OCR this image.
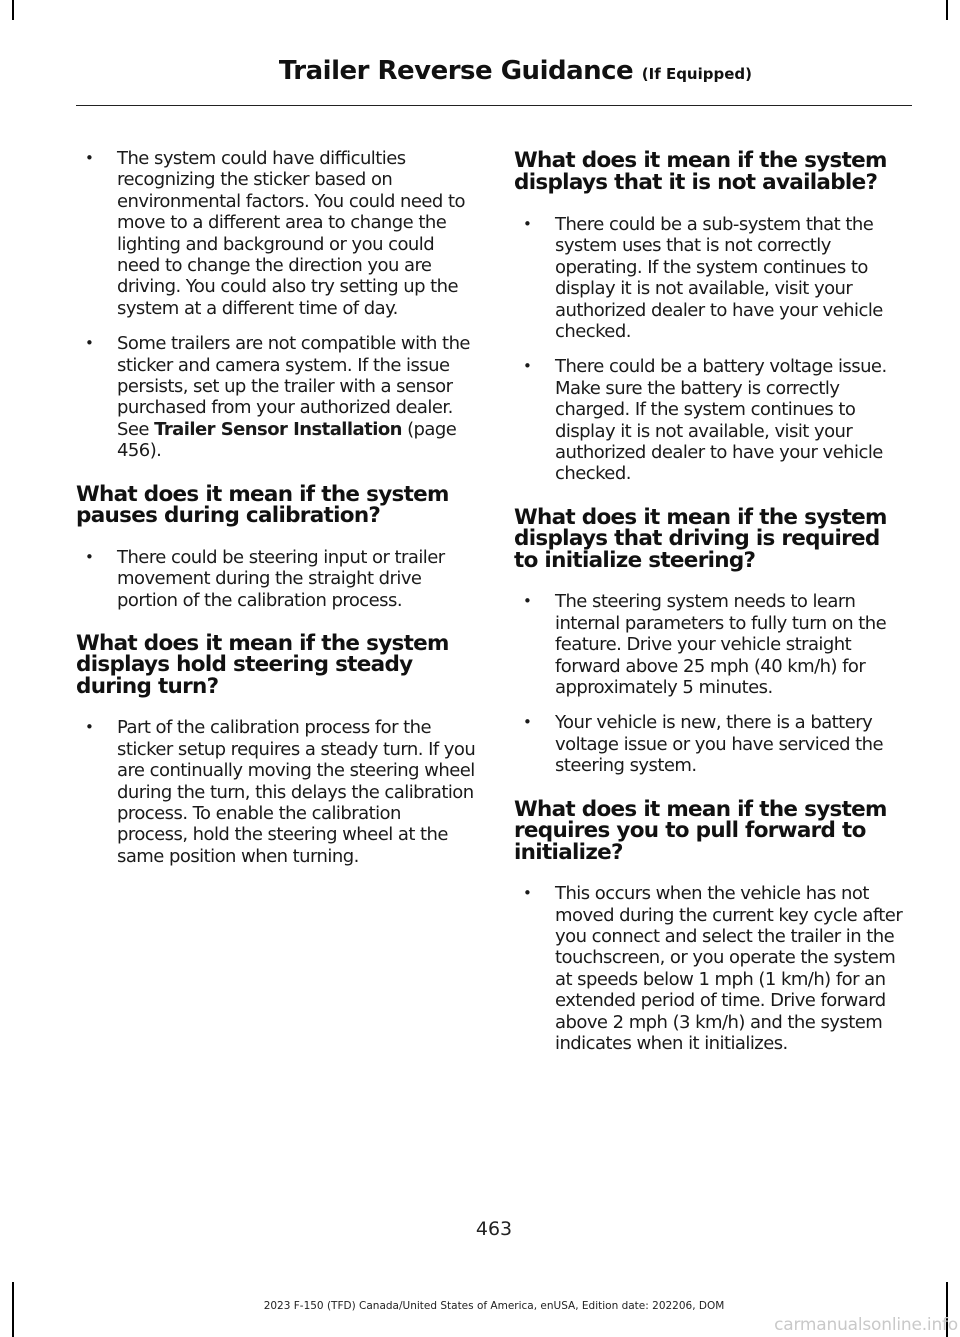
Trailer Reverse Guidance (If Equipped)
• The system could have difficulties recognizing the sticker based on environmental factors. You could need to move to a different area to change the lighting and background or you could need to change the direction you are driving. You could also try setting up the system at a different time of day.
• Some trailers are not compatible with the sticker and camera system. If the issue persists, set up the trailer with a sensor purchased from your authorized dealer. See Trailer Sensor Installation (page 456).
What does it mean if the system pauses during calibration?
• There could be steering input or trailer movement during the straight drive portion of the calibration process.
What does it mean if the system displays hold steering steady during turn?
• Part of the calibration process for the sticker setup requires a steady turn. If you are continually moving the steering wheel during the turn, this delays the calibration process. To enable the calibration process, hold the steering wheel at the same position when turning.
What does it mean if the system displays that it is not available?
• There could be a sub-system that the system uses that is not correctly operating. If the system continues to display it is not available, visit your authorized dealer to have your vehicle checked.
• There could be a battery voltage issue. Make sure the battery is correctly charged. If the system continues to display it is not available, visit your authorized dealer to have your vehicle checked.
What does it mean if the system displays that driving is required to initialize steering?
• The steering system needs to learn internal parameters to fully turn on the feature. Drive your vehicle straight forward above 25 mph (40 km/h) for approximately 5 minutes.
• Your vehicle is new, there is a battery voltage issue or you have serviced the steering system.
What does it mean if the system requires you to pull forward to initialize?
• This occurs when the vehicle has not moved during the current key cycle after you connect and select the trailer in the touchscreen, or you operate the system at speeds below 1 mph (1 km/h) for an extended period of time. Drive forward above 2 mph (3 km/h) and the system indicates when it initializes.
463
2023 F-150 (TFD) Canada/United States of America, enUSA, Edition date: 202206, DOM
carmanualsonline.info
